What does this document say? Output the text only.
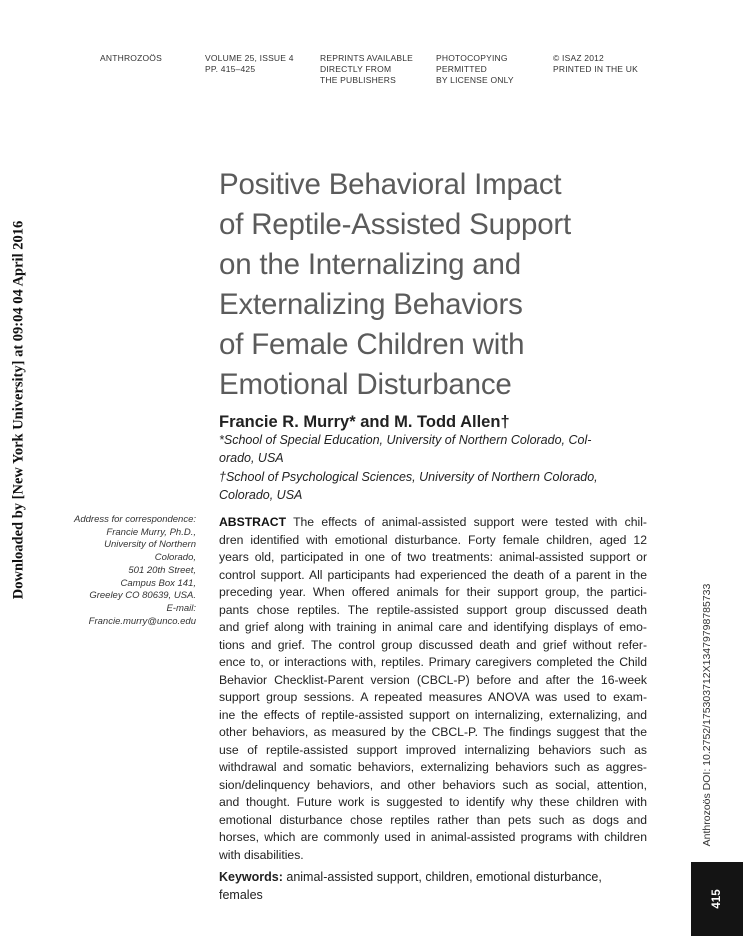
ANTHROZOÖS	VOLUME 25, ISSUE 4
PP. 415–425
REPRINTS AVAILABLE
DIRECTLY FROM
THE PUBLISHERS
PHOTOCOPYING
PERMITTED
BY LICENSE ONLY
© ISAZ 2012
PRINTED IN THE UK
Downloaded by [New York University] at 09:04 04 April 2016
Positive Behavioral Impact
of Reptile-Assisted Support
on the Internalizing and
Externalizing Behaviors
of Female Children with
Emotional Disturbance
Francie R. Murry* and M. Todd Allen†
*School of Special Education, University of Northern Colorado, Col-
orado, USA
†School of Psychological Sciences, University of Northern Colorado,
Colorado, USA
Address for correspondence:
Francie Murry, Ph.D.,
University of Northern
Colorado,
501 20th Street,
Campus Box 141,
Greeley CO 80639, USA.
E-mail:
Francie.murry@unco.edu
ABSTRACT The effects of animal-assisted support were tested with chil-
dren identified with emotional disturbance. Forty female children, aged 12
years old, participated in one of two treatments: animal-assisted support or
control support. All participants had experienced the death of a parent in the
preceding year. When offered animals for their support group, the partici-
pants chose reptiles. The reptile-assisted support group discussed death
and grief along with training in animal care and identifying displays of emo-
tions and grief. The control group discussed death and grief without refer-
ence to, or interactions with, reptiles. Primary caregivers completed the Child
Behavior Checklist-Parent version (CBCL-P) before and after the 16-week
support group sessions. A repeated measures ANOVA was used to exam-
ine the effects of reptile-assisted support on internalizing, externalizing, and
other behaviors, as measured by the CBCL-P. The findings suggest that the
use of reptile-assisted support improved internalizing behaviors such as
withdrawal and somatic behaviors, externalizing behaviors such as aggres-
sion/delinquency behaviors, and other behaviors such as social, attention,
and thought. Future work is suggested to identify why these children with
emotional disturbance chose reptiles rather than pets such as dogs and
horses, which are commonly used in animal-assisted programs with children
with disabilities.
Keywords: animal-assisted support, children, emotional disturbance,
females
Anthrozoös DOI: 10.2752/175303712X13479798785733
415
